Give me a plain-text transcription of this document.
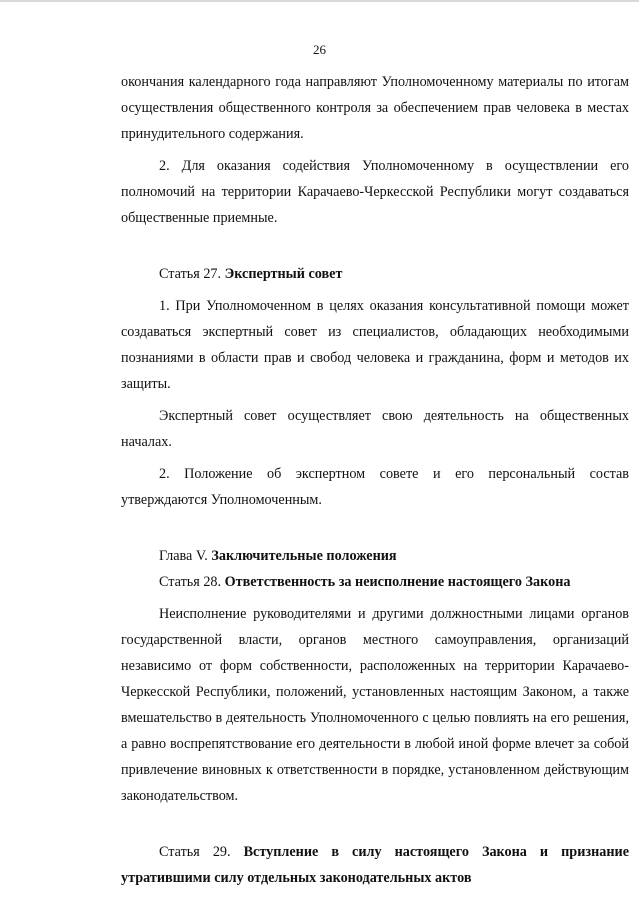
26

окончания календарного года направляют Уполномоченному материалы по итогам осуществления общественного контроля за обеспечением прав человека в местах принудительного содержания.

2. Для оказания содействия Уполномоченному в осуществлении его полномочий на территории Карачаево-Черкесской Республики могут создаваться общественные приемные.

Статья 27. Экспертный совет

1. При Уполномоченном в целях оказания консультативной помощи может создаваться экспертный совет из специалистов, обладающих необходимыми познаниями в области прав и свобод человека и гражданина, форм и методов их защиты.

Экспертный совет осуществляет свою деятельность на общественных началах.

2. Положение об экспертном совете и его персональный состав утверждаются Уполномоченным.

Глава V. Заключительные положения

Статья 28. Ответственность за неисполнение настоящего Закона

Неисполнение руководителями и другими должностными лицами органов государственной власти, органов местного самоуправления, организаций независимо от форм собственности, расположенных на территории Карачаево-Черкесской Республики, положений, установленных настоящим Законом, а также вмешательство в деятельность Уполномоченного с целью повлиять на его решения, а равно воспрепятствование его деятельности в любой иной форме влечет за собой привлечение виновных к ответственности в порядке, установленном действующим законодательством.

Статья 29. Вступление в силу настоящего Закона и признание утратившими силу отдельных законодательных актов
